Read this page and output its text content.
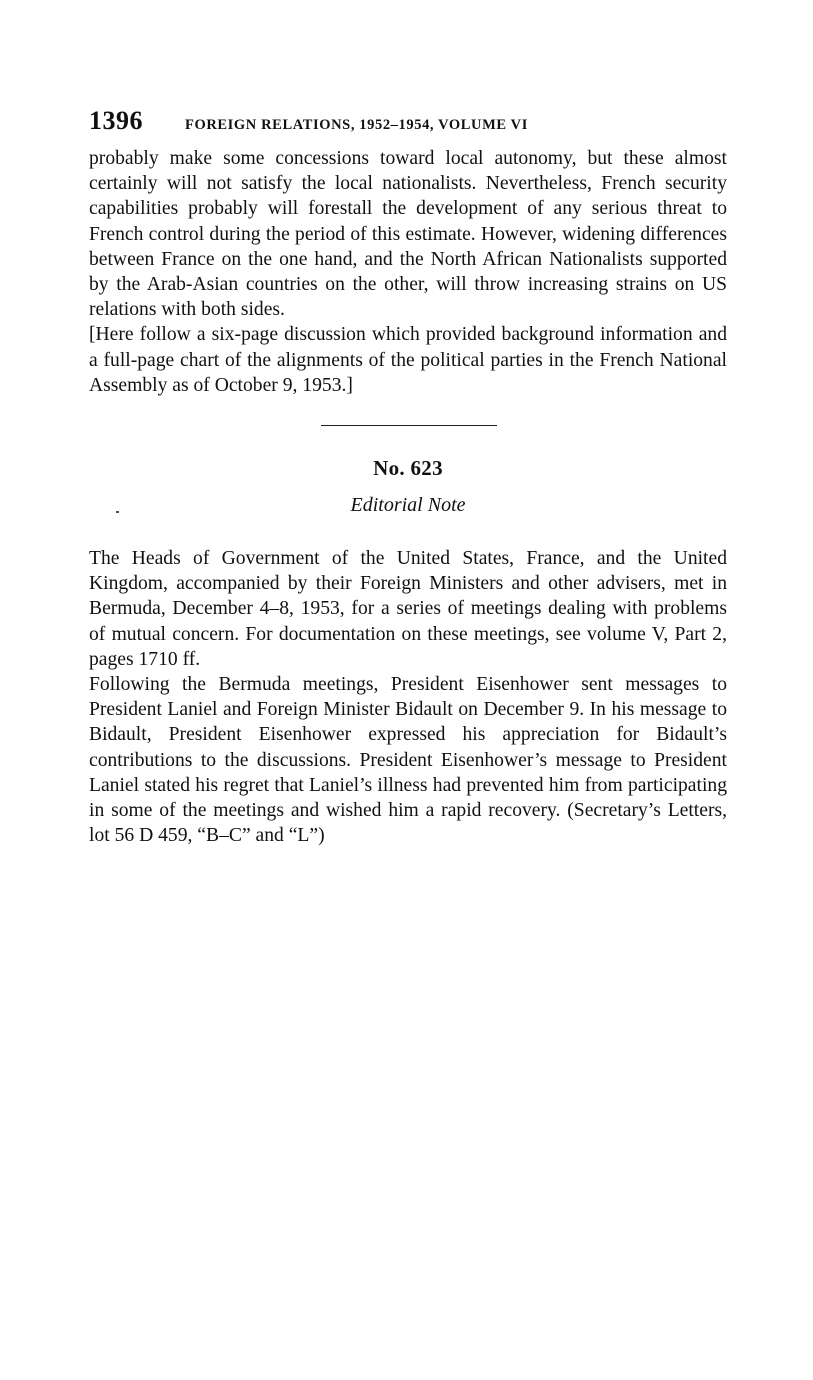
1396	FOREIGN RELATIONS, 1952–1954, VOLUME VI

probably make some concessions toward local autonomy, but these almost certainly will not satisfy the local nationalists. Nevertheless, French security capabilities probably will forestall the development of any serious threat to French control during the period of this estimate. However, widening differences between France on the one hand, and the North African Nationalists supported by the Arab-Asian countries on the other, will throw increasing strains on US relations with both sides.

[Here follow a six-page discussion which provided background information and a full-page chart of the alignments of the political parties in the French National Assembly as of October 9, 1953.]

No. 623
Editorial Note

The Heads of Government of the United States, France, and the United Kingdom, accompanied by their Foreign Ministers and other advisers, met in Bermuda, December 4–8, 1953, for a series of meetings dealing with problems of mutual concern. For documentation on these meetings, see volume V, Part 2, pages 1710 ff.

Following the Bermuda meetings, President Eisenhower sent messages to President Laniel and Foreign Minister Bidault on December 9. In his message to Bidault, President Eisenhower expressed his appreciation for Bidault’s contributions to the discussions. President Eisenhower’s message to President Laniel stated his regret that Laniel’s illness had prevented him from participating in some of the meetings and wished him a rapid recovery. (Secretary’s Letters, lot 56 D 459, “B–C” and “L”)
